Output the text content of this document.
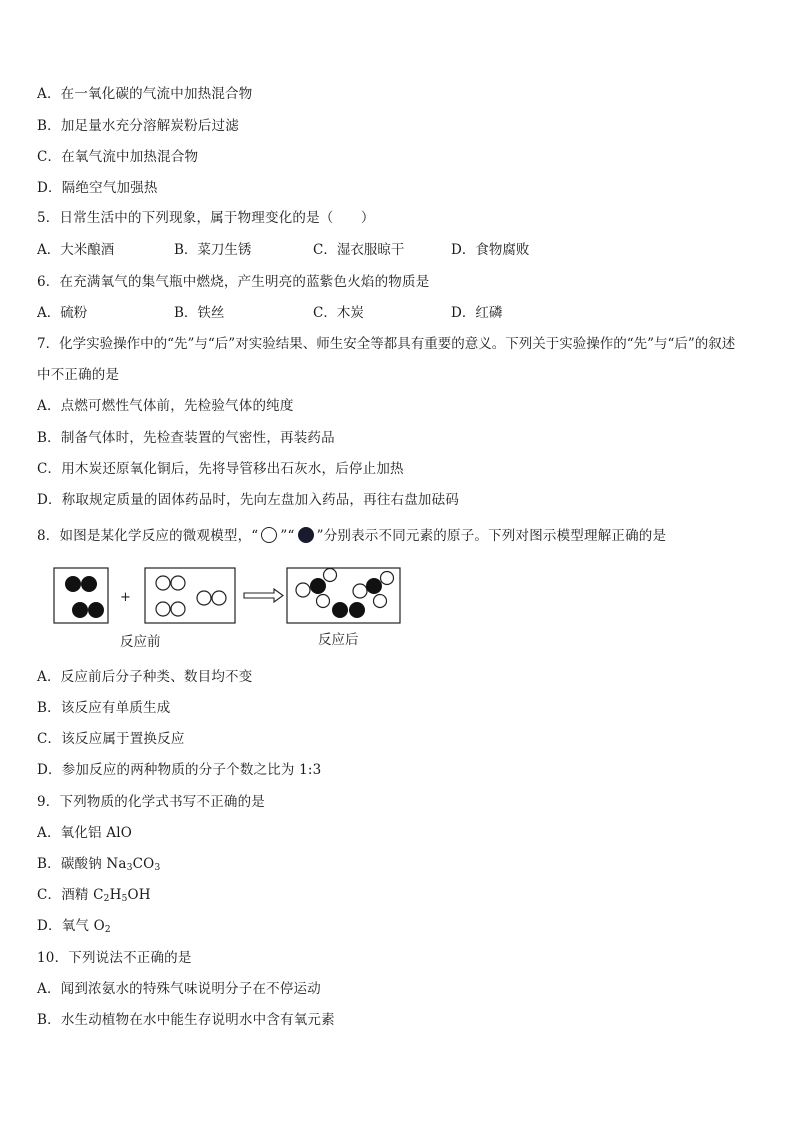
A．在一氧化碳的气流中加热混合物
B．加足量水充分溶解炭粉后过滤
C．在氧气流中加热混合物
D．隔绝空气加强热
5．日常生活中的下列现象，属于物理变化的是（　　）
A．大米酿酒	B．菜刀生锈	C．湿衣服晾干	D．食物腐败
6．在充满氧气的集气瓶中燃烧，产生明亮的蓝紫色火焰的物质是
A．硫粉	B．铁丝	C．木炭	D．红磷
7．化学实验操作中的“先”与“后”对实验结果、师生安全等都具有重要的意义。下列关于实验操作的“先”与“后”的叙述
中不正确的是
A．点燃可燃性气体前，先检验气体的纯度
B．制备气体时，先检查装置的气密性，再装药品
C．用木炭还原氧化铜后，先将导管移出石灰水，后停止加热
D．称取规定质量的固体药品时，先向左盘加入药品，再往右盘加砝码
8．如图是某化学反应的微观模型，“ ”“ ”分别表示不同元素的原子。下列对图示模型理解正确的是
+
反应前	反应后
A．反应前后分子种类、数目均不变
B．该反应有单质生成
C．该反应属于置换反应
D．参加反应的两种物质的分子个数之比为 1:3
9．下列物质的化学式书写不正确的是
A．氧化铝 AlO
B．碳酸钠 $Na_3CO_3$
C．酒精 $C_2H_5OH$
D．氧气 $O_2$
10．下列说法不正确的是
A．闻到浓氨水的特殊气味说明分子在不停运动
B．水生动植物在水中能生存说明水中含有氧元素
